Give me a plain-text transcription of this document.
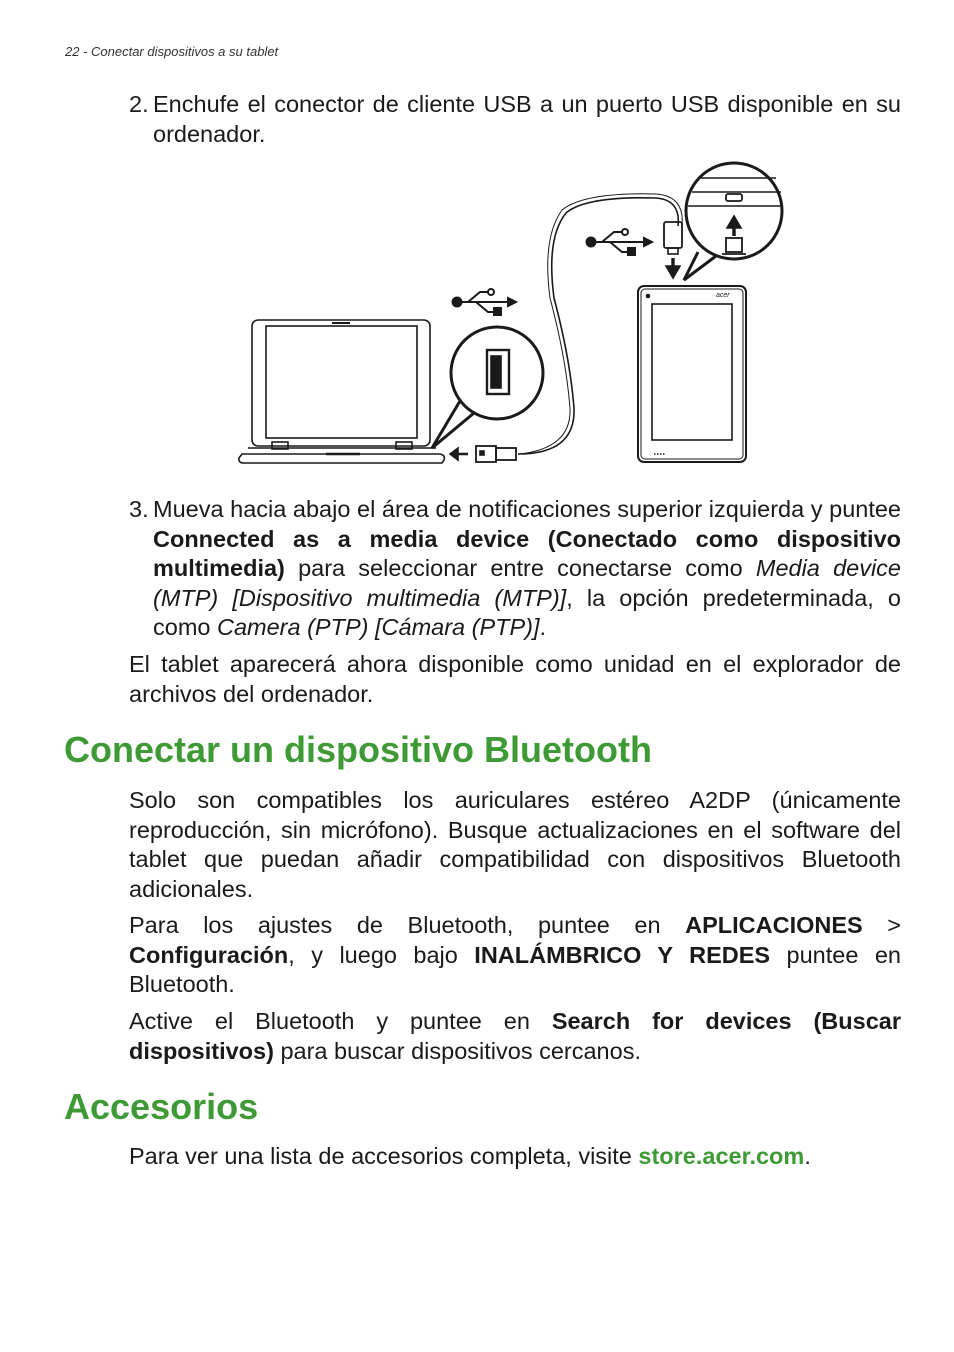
22 - Conectar dispositivos a su tablet
2. Enchufe el conector de cliente USB a un puerto USB disponible en su ordenador.
acer
3. Mueva hacia abajo el área de notificaciones superior izquierda y puntee Connected as a media device (Conectado como dispositivo multimedia) para seleccionar entre conectarse como Media device (MTP) [Dispositivo multimedia (MTP)], la opción predeterminada, o como Camera (PTP) [Cámara (PTP)].

El tablet aparecerá ahora disponible como unidad en el explorador de archivos del ordenador.

Conectar un dispositivo Bluetooth

Solo son compatibles los auriculares estéreo A2DP (únicamente reproducción, sin micrófono). Busque actualizaciones en el software del tablet que puedan añadir compatibilidad con dispositivos Bluetooth adicionales.

Para los ajustes de Bluetooth, puntee en APLICACIONES > Configuración, y luego bajo INALÁMBRICO Y REDES puntee en Bluetooth.

Active el Bluetooth y puntee en Search for devices (Buscar dispositivos) para buscar dispositivos cercanos.

Accesorios

Para ver una lista de accesorios completa, visite store.acer.com.
